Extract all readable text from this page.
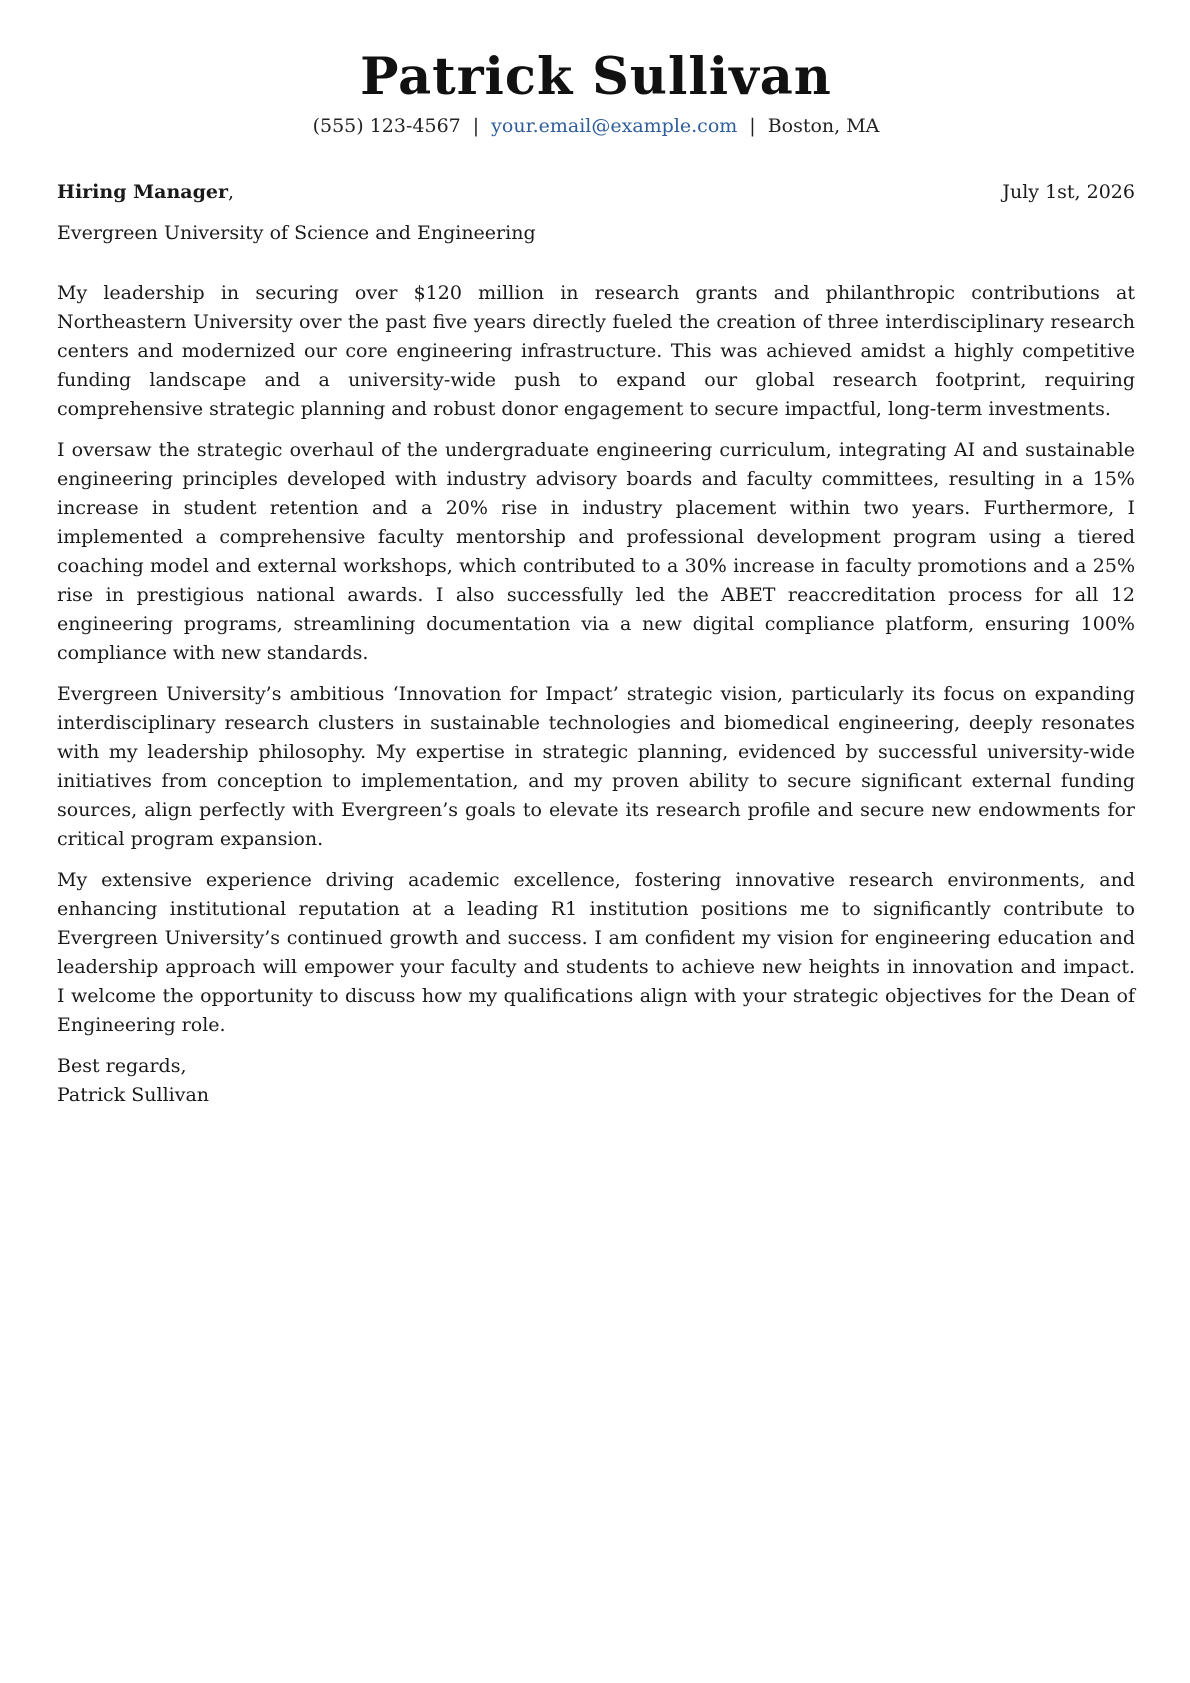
Patrick Sullivan
(555) 123-4567 | your.email@example.com | Boston, MA
Hiring Manager,	July 1st, 2026
Evergreen University of Science and Engineering

My leadership in securing over $120 million in research grants and philanthropic contributions at Northeastern University over the past five years directly fueled the creation of three interdisciplinary research centers and modernized our core engineering infrastructure. This was achieved amidst a highly competitive funding landscape and a university-wide push to expand our global research footprint, requiring comprehensive strategic planning and robust donor engagement to secure impactful, long-term investments.

I oversaw the strategic overhaul of the undergraduate engineering curriculum, integrating AI and sustainable engineering principles developed with industry advisory boards and faculty committees, resulting in a 15% increase in student retention and a 20% rise in industry placement within two years. Furthermore, I implemented a comprehensive faculty mentorship and professional development program using a tiered coaching model and external workshops, which contributed to a 30% increase in faculty promotions and a 25% rise in prestigious national awards. I also successfully led the ABET reaccreditation process for all 12 engineering programs, streamlining documentation via a new digital compliance platform, ensuring 100% compliance with new standards.

Evergreen University’s ambitious ‘Innovation for Impact’ strategic vision, particularly its focus on expanding interdisciplinary research clusters in sustainable technologies and biomedical engineering, deeply resonates with my leadership philosophy. My expertise in strategic planning, evidenced by successful university-wide initiatives from conception to implementation, and my proven ability to secure significant external funding sources, align perfectly with Evergreen’s goals to elevate its research profile and secure new endowments for critical program expansion.

My extensive experience driving academic excellence, fostering innovative research environments, and enhancing institutional reputation at a leading R1 institution positions me to significantly contribute to Evergreen University’s continued growth and success. I am confident my vision for engineering education and leadership approach will empower your faculty and students to achieve new heights in innovation and impact. I welcome the opportunity to discuss how my qualifications align with your strategic objectives for the Dean of Engineering role.

Best regards,
Patrick Sullivan
